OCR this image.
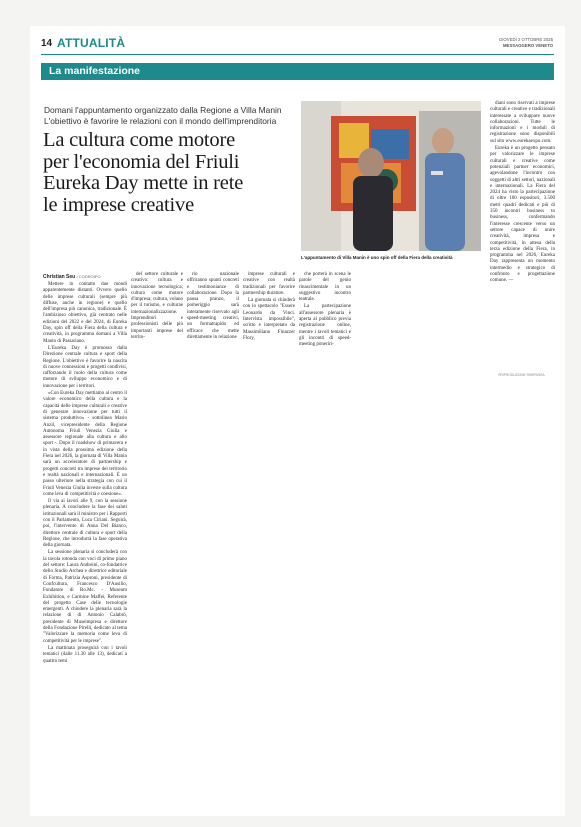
14 ATTUALITÀ	GIOVEDÌ 2 OTTOBRE 2025
MESSAGGERO VENETO
La manifestazione
Domani l'appuntamento organizzato dalla Regione a Villa Manin L'obiettivo è favorire le relazioni con il mondo dell'imprenditoria
La cultura come motore
per l'economia del Friuli
Eureka Day mette in rete
le imprese creative
L'appuntamento di Villa Manin è uno spin off della Fiera della creatività
Christian Seu / CODROIPO

Mettere in contatto due mondi apparentemente distanti. Ovvero quello delle imprese culturali (sempre più diffuse, anche in regione) e quello dell'impresa più canonica, tradizionale. È l'ambizioso obiettivo, già centrato nelle edizioni del 2022 e del 2024, di Eureka Day, spin off della Fiera della cultura e creatività, in programma domani a Villa Manin di Passariano.

L'Eureka Day è promosso dalla Direzione centrale cultura e sport della Regione. L'obiettivo è favorire la nascita di nuove connessioni e progetti condivisi, rafforzando il ruolo della cultura come motore di sviluppo economico e di innovazione per i territori.

«Con Eureka Day mettiamo al centro il valore economico della cultura e la capacità delle imprese culturali e creative di generare innovazione per tutti il sistema produttivo» - sottolinea Mario Anzil, vicepresidente della Regione Autonoma Friuli Venezia Giulia e assessore regionale alla cultura e allo sport -. Dopo il roadshow di primavera e in vista della prossima edizione della Fiera nel 2026, la giornata di Villa Manin sarà un acceleratore di partnership e progetti concreti tra imprese del territorio e realtà nazionali e internazionali. È un passo ulteriore nella strategia con cui il Friuli Venezia Giulia investe sulla cultura come leva di competitività e coesione».

Il via ai lavori alle 9, con la sessione plenaria. A concludere la fase dei saluti istituzionali sarà il ministro per i Rapporti con il Parlamento, Luca Ciriani. Seguirà, poi, l'intervento di Anna Del Bianco, direttore centrale di cultura e sport della Regione, che introdurrà la fase operativa della giornata.

La sessione plenaria si concluderà con la tavola rotonda con voci di primo piano del settore: Laura Andreini, co-fondatrice dello Studio Archea e direttrice editoriale di Forma, Patrizia Asproni, presidente di Confcultura, Francesco D'Ausilio, Fondatore di Ro.Mc. - Museum Exhibition, e Carmine Maffei, Referente del progetto Case delle tecnologie emergenti. A chiudere la plenaria sarà la relazione di di Antonio Calabrò, presidente di Museimpresa e direttore della Fondazione Pirelli, dedicato al tema "Valorizzare la memoria come leva di competitività per le imprese".

La mattinata proseguirà con i tavoli tematici (dalle 11.30 alle 13), dedicati a quattro temi

del settore culturale e creativo: cultura e innovazione tecnologica; cultura come motore d'impresa; cultura, volano per il turismo, e culturae internazionalizzazione. Imprenditori e professionisti delle più importanti imprese del territo-

rio nazionale offriranno spunti concreti e testimonianze di collaborazione. Dopo la pausa pranzo, il pomeriggio sarà interamente riservato agli speed-meeting creativi, un formatrapido ed efficace che mette direttamente in relazione

imprese culturali e creative con realtà tradizionali per favorire partnership durature.

La giornata si chiuderà con lo spettacolo "Essere Leonardo da Vinci. Intervista impossibile", scritto e interpretato da Massimiliano Finazzer Flory,

che porterà in scena le parole del genio rinascimentale in un suggestivo incontro teatrale.

La partecipazione all'assessore plenaria è aperta al pubblico previa registrazione online, mentre i tavoli tematici e gli incontri di speed-meeting poneriri-

diani sono riservati a imprese culturali e creative e tradizionali interessate a sviluppare nuove collaborazioni. Tutte le informazioni e i moduli di registrazione sono disponibili sul sito www.eurekaexpo.com.

Eureka è un progetto pensato per valorizzare le imprese culturali e creative come potenziali partner economici, agevolandone l'incontro con soggetti di altri settori, nazionali e internazionali. La Fiera del 2024 ha visto la partecipazione di oltre 100 espositori, 3.500 metri quadri dedicati e più di 350 incontri business to business, confermando l'interesse crescente verso un settore capace di unire creatività, impresa e competitività, in attesa della terza edizione della Fiera, in programma nel 2026, Eureka Day rappresenta un momento intermedio e strategico di confronto e progettazione comune. —

©RIPRODUZIONE RISERVATA
